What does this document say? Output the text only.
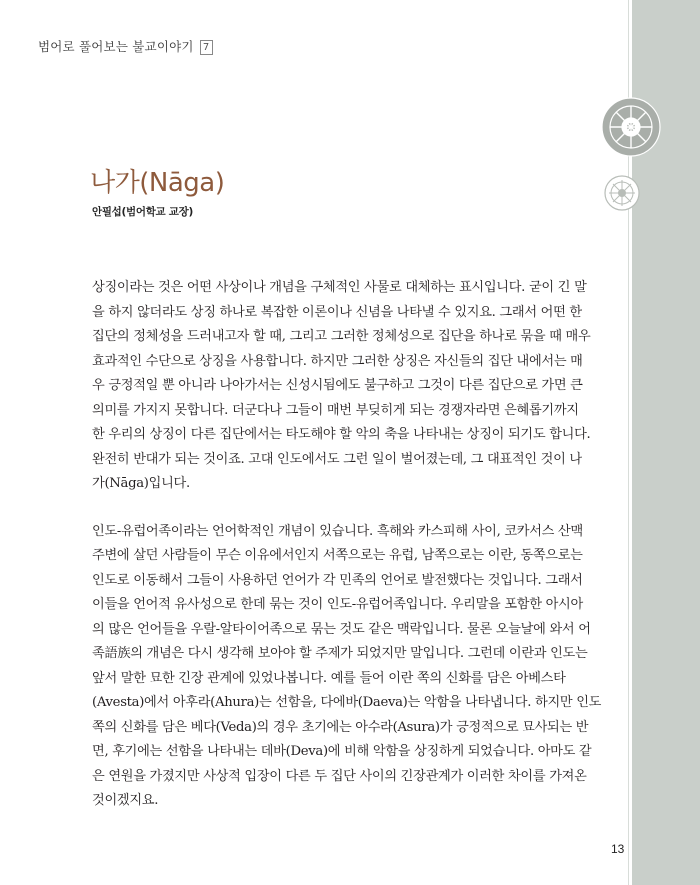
범어로 풀어보는 불교이야기 7
나가(Nāga)
안필섭(범어학교 교장)

상징이라는 것은 어떤 사상이나 개념을 구체적인 사물로 대체하는 표시입니다. 굳이 긴 말
을 하지 않더라도 상징 하나로 복잡한 이론이나 신념을 나타낼 수 있지요. 그래서 어떤 한
집단의 정체성을 드러내고자 할 때, 그리고 그러한 정체성으로 집단을 하나로 묶을 때 매우
효과적인 수단으로 상징을 사용합니다. 하지만 그러한 상징은 자신들의 집단 내에서는 매
우 긍정적일 뿐 아니라 나아가서는 신성시됨에도 불구하고 그것이 다른 집단으로 가면 큰
의미를 가지지 못합니다. 더군다나 그들이 매번 부딪히게 되는 경쟁자라면 은혜롭기까지
한 우리의 상징이 다른 집단에서는 타도해야 할 악의 축을 나타내는 상징이 되기도 합니다.
완전히 반대가 되는 것이죠. 고대 인도에서도 그런 일이 벌어졌는데, 그 대표적인 것이 나
가(Nāga)입니다.

인도-유럽어족이라는 언어학적인 개념이 있습니다. 흑해와 카스피해 사이, 코카서스 산맥
주변에 살던 사람들이 무슨 이유에서인지 서쪽으로는 유럽, 남쪽으로는 이란, 동쪽으로는
인도로 이동해서 그들이 사용하던 언어가 각 민족의 언어로 발전했다는 것입니다. 그래서
이들을 언어적 유사성으로 한데 묶는 것이 인도-유럽어족입니다. 우리말을 포함한 아시아
의 많은 언어들을 우랄-알타이어족으로 묶는 것도 같은 맥락입니다. 물론 오늘날에 와서 어
족語族의 개념은 다시 생각해 보아야 할 주제가 되었지만 말입니다. 그런데 이란과 인도는
앞서 말한 묘한 긴장 관계에 있었나봅니다. 예를 들어 이란 쪽의 신화를 담은 아베스타
(Avesta)에서 아후라(Ahura)는 선함을, 다에바(Daeva)는 악함을 나타냅니다. 하지만 인도
쪽의 신화를 담은 베다(Veda)의 경우 초기에는 아수라(Asura)가 긍정적으로 묘사되는 반
면, 후기에는 선함을 나타내는 데바(Deva)에 비해 악함을 상징하게 되었습니다. 아마도 같
은 연원을 가졌지만 사상적 입장이 다른 두 집단 사이의 긴장관계가 이러한 차이를 가져온
것이겠지요.

13
